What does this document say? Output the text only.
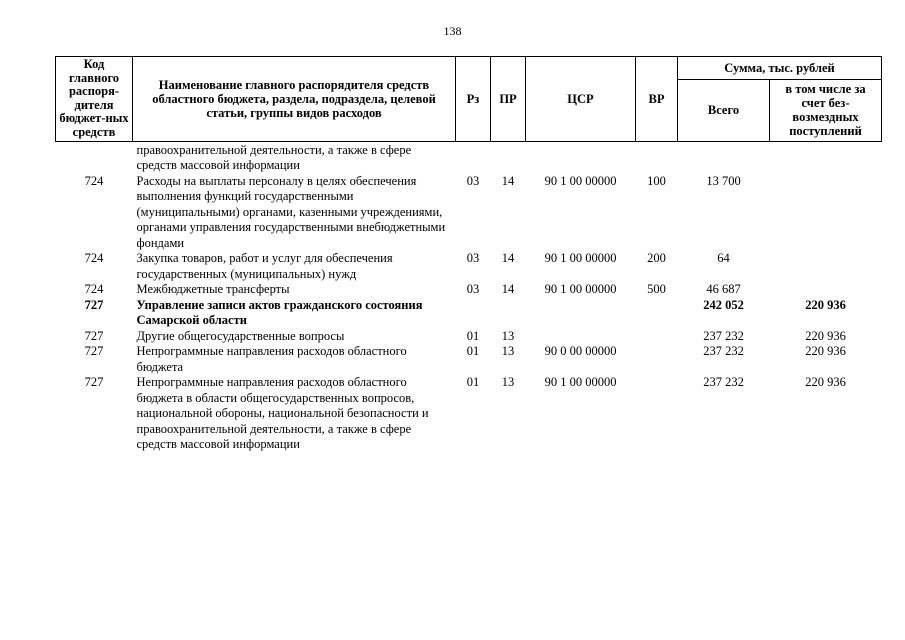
138
Код главного распоря-дителя бюджет-ных средств	Наименование главного распорядителя средств областного бюджета, раздела, подраздела, целевой статьи, группы видов расходов	Рз	ПР	ЦСР	ВР	Сумма, тыс. рублей	
						Всего	в том числе за счет без-возмездных поступлений
	правоохранительной деятельности, а также в сфере средств массовой информации						
724	Расходы на выплаты персоналу в целях обеспечения выполнения функций государственными (муниципальными) органами, казенными учреждениями, органами управления государственными внебюджетными фондами	03	14	90 1 00 00000	100	13 700	
724	Закупка товаров, работ и услуг для обеспечения государственных (муниципальных) нужд	03	14	90 1 00 00000	200	64	
724	Межбюджетные трансферты	03	14	90 1 00 00000	500	46 687	
727	Управление записи актов гражданского состояния Самарской области					242 052	220 936
727	Другие общегосударственные вопросы	01	13			237 232	220 936
727	Непрограммные направления расходов областного бюджета	01	13	90 0 00 00000		237 232	220 936
727	Непрограммные направления расходов областного бюджета в области общегосударственных вопросов, национальной обороны, национальной безопасности и правоохранительной деятельности, а также в сфере средств массовой информации	01	13	90 1 00 00000		237 232	220 936
